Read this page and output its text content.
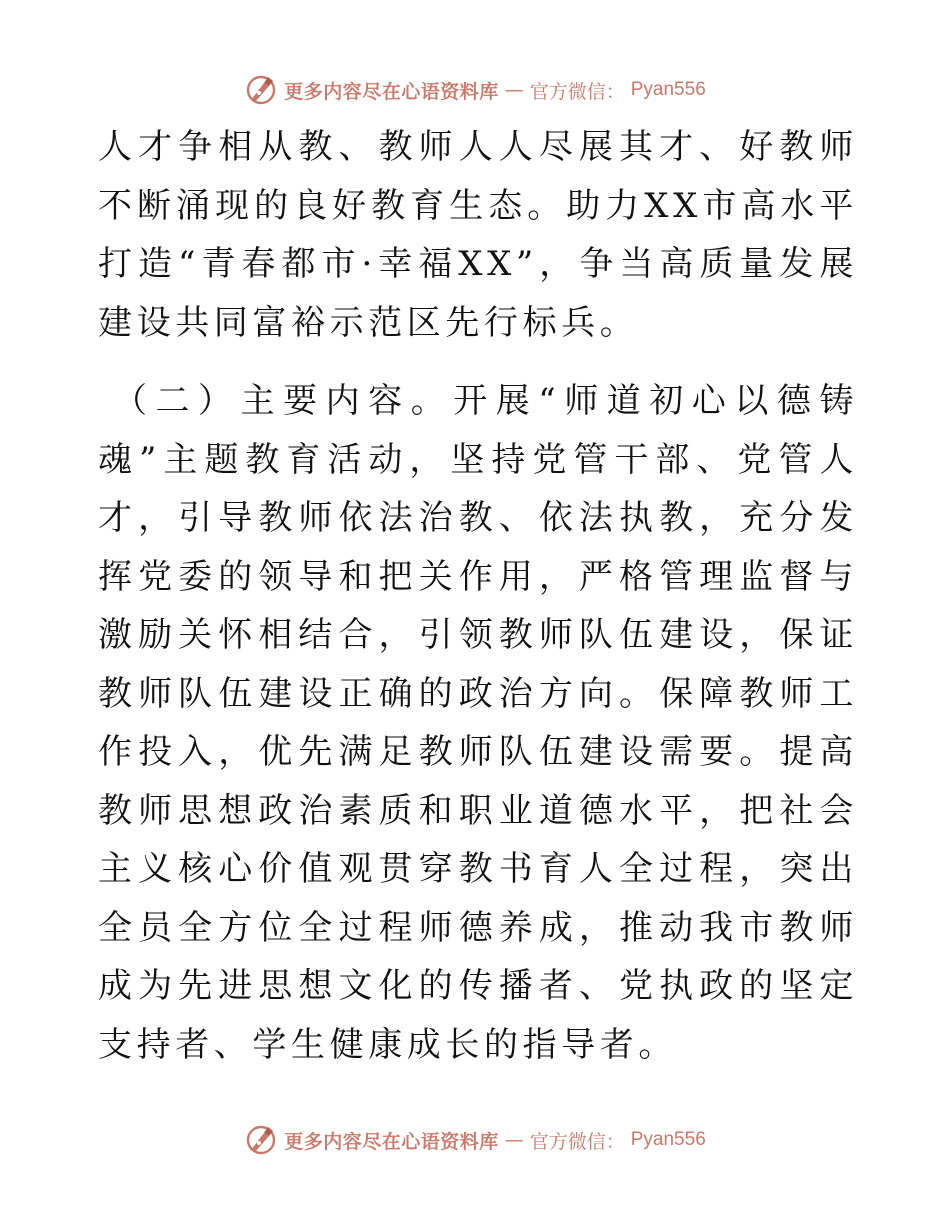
更多内容尽在心语资料库 — 官方微信： Pyan556

人才争相从教、教师人人尽展其才、好教师不断涌现的良好教育生态。助力XX市高水平打造“青春都市·幸福XX”，争当高质量发展建设共同富裕示范区先行标兵。

（二）主要内容。开展“师道初心以德铸魂”主题教育活动，坚持党管干部、党管人才，引导教师依法治教、依法执教，充分发挥党委的领导和把关作用，严格管理监督与激励关怀相结合，引领教师队伍建设，保证教师队伍建设正确的政治方向。保障教师工作投入，优先满足教师队伍建设需要。提高教师思想政治素质和职业道德水平，把社会主义核心价值观贯穿教书育人全过程，突出全员全方位全过程师德养成，推动我市教师成为先进思想文化的传播者、党执政的坚定支持者、学生健康成长的指导者。

更多内容尽在心语资料库 — 官方微信： Pyan556
